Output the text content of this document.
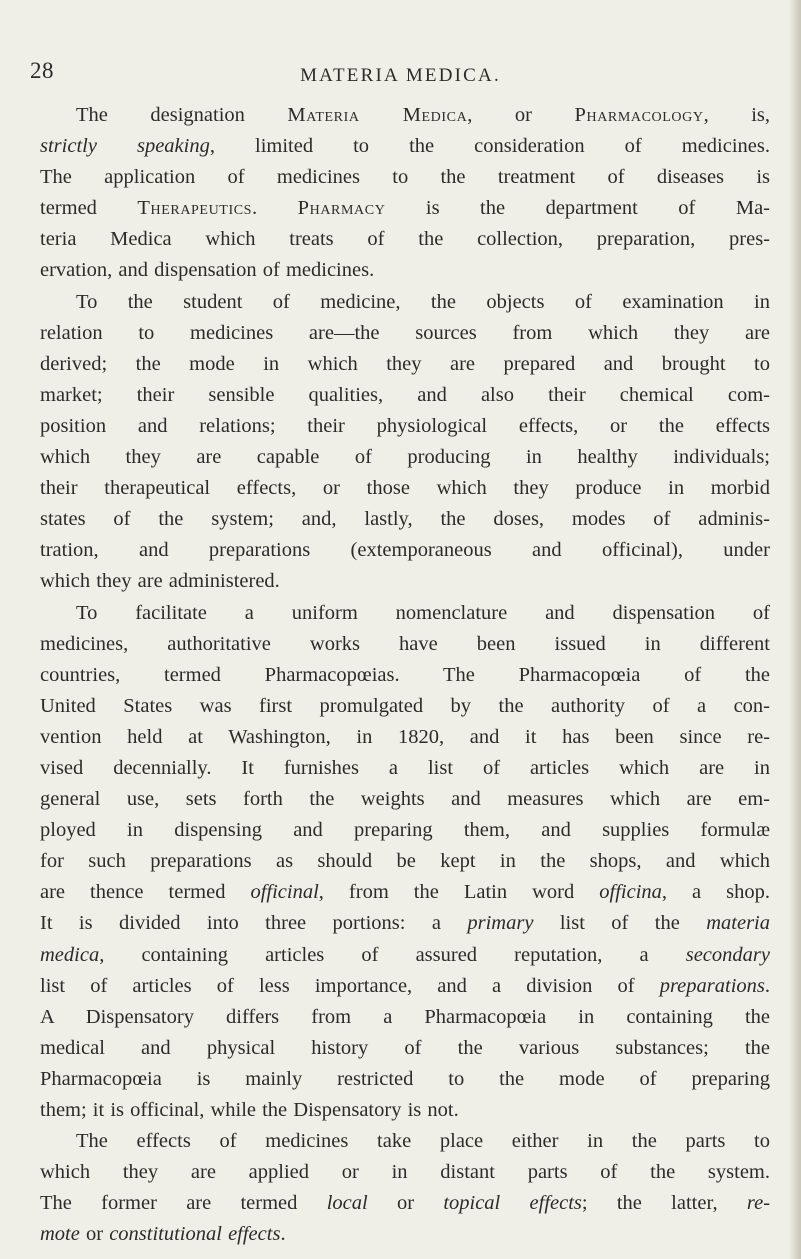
28	MATERIA MEDICA.
The designation Materia Medica, or Pharmacology, is,
strictly speaking, limited to the consideration of medicines.
The application of medicines to the treatment of diseases is
termed Therapeutics. Pharmacy is the department of Ma-
teria Medica which treats of the collection, preparation, pres-
ervation, and dispensation of medicines.
To the student of medicine, the objects of examination in
relation to medicines are—the sources from which they are
derived; the mode in which they are prepared and brought to
market; their sensible qualities, and also their chemical com-
position and relations; their physiological effects, or the effects
which they are capable of producing in healthy individuals;
their therapeutical effects, or those which they produce in morbid
states of the system; and, lastly, the doses, modes of adminis-
tration, and preparations (extemporaneous and officinal), under
which they are administered.
To facilitate a uniform nomenclature and dispensation of
medicines, authoritative works have been issued in different
countries, termed Pharmacopœias. The Pharmacopœia of the
United States was first promulgated by the authority of a con-
vention held at Washington, in 1820, and it has been since re-
vised decennially. It furnishes a list of articles which are in
general use, sets forth the weights and measures which are em-
ployed in dispensing and preparing them, and supplies formulæ
for such preparations as should be kept in the shops, and which
are thence termed officinal, from the Latin word officina, a shop.
It is divided into three portions: a primary list of the materia
medica, containing articles of assured reputation, a secondary
list of articles of less importance, and a division of preparations.
A Dispensatory differs from a Pharmacopœia in containing the
medical and physical history of the various substances; the
Pharmacopœia is mainly restricted to the mode of preparing
them; it is officinal, while the Dispensatory is not.
The effects of medicines take place either in the parts to
which they are applied or in distant parts of the system.
The former are termed local or topical effects; the latter, re-
mote or constitutional effects.
